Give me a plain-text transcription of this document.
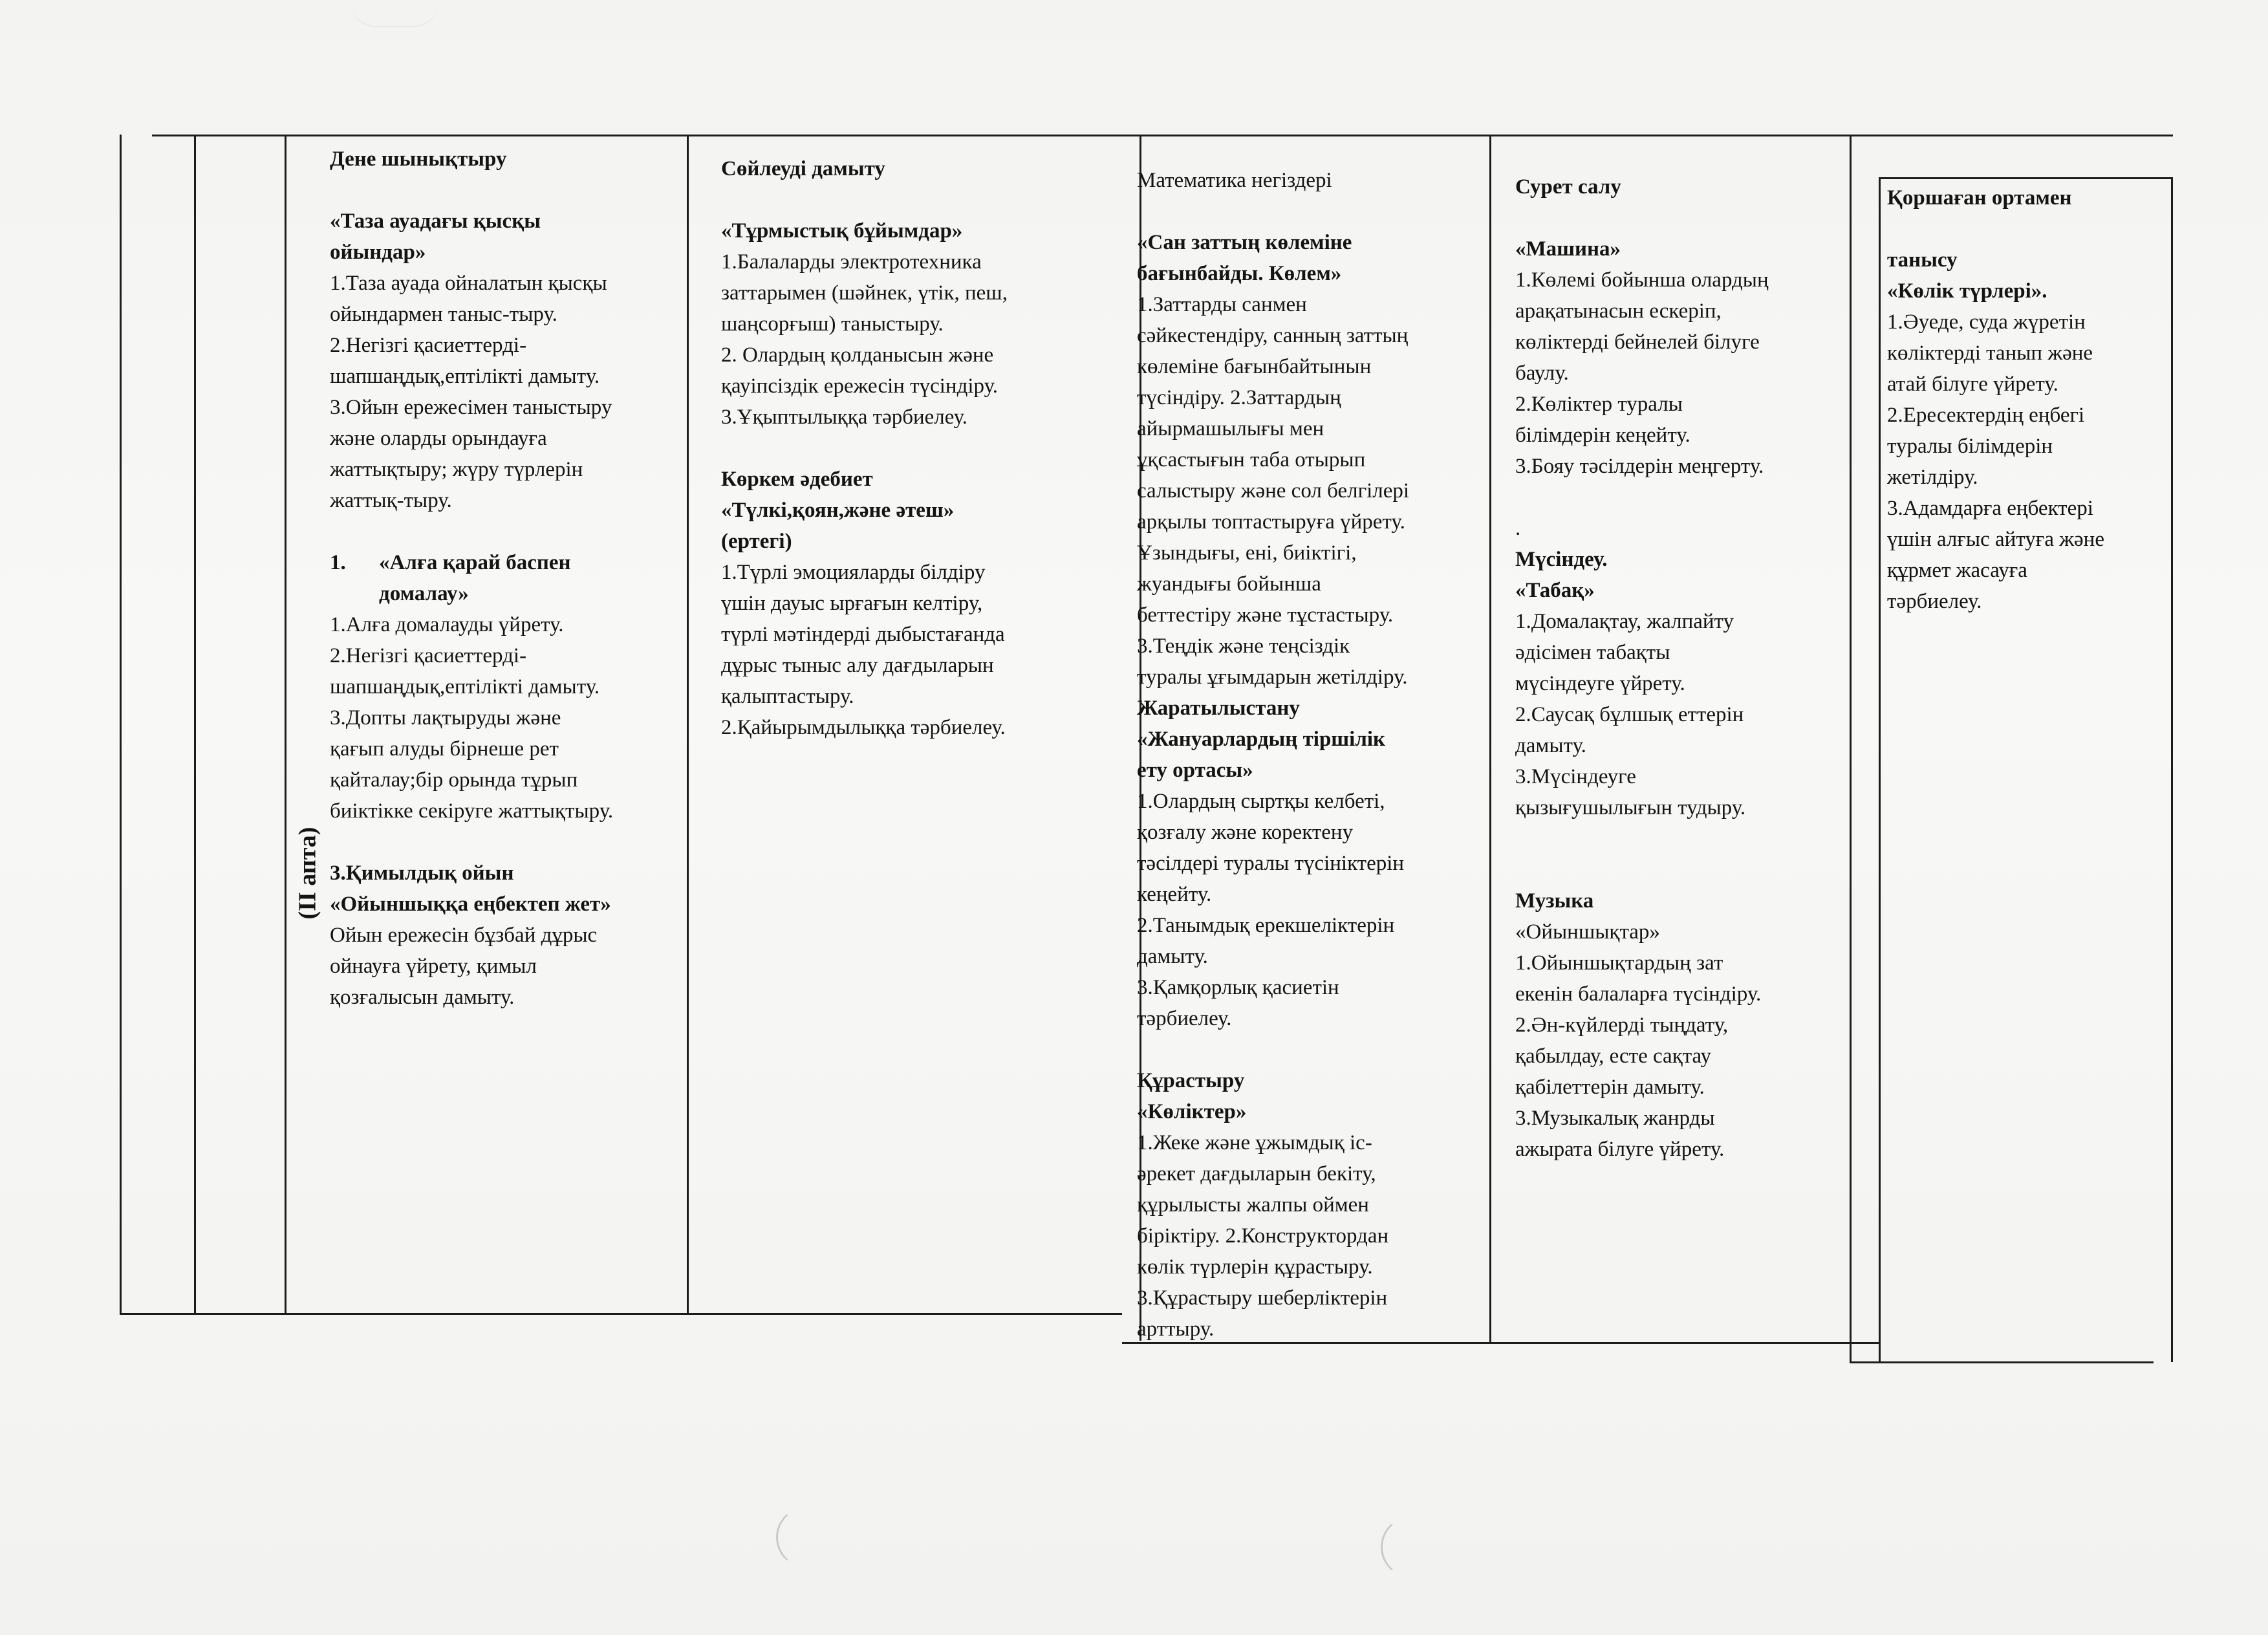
(II апта)

Дене шынықтыру

«Таза ауадағы қысқы

ойындар»

1.Таза ауада ойналатын қысқы

ойындармен таныс-тыру.

2.Негізгі қасиеттерді-

шапшаңдық,ептілікті дамыту.

3.Ойын ережесімен таныстыру

және оларды орындауға

жаттықтыру; жүру түрлерін

жаттық-тыру.

1. «Алға қарай баспен

домалау»

1.Алға домалауды үйрету.

2.Негізгі қасиеттерді-

шапшаңдық,ептілікті дамыту.

3.Допты лақтыруды және

қағып алуды бірнеше рет

қайталау;бір орында тұрып

биіктікке секіруге жаттықтыру.

3.Қимылдық ойын

«Ойыншыққа еңбектеп жет»

Ойын ережесін бұзбай дұрыс

ойнауға үйрету, қимыл

қозғалысын дамыту.

Сөйлеуді дамыту

«Тұрмыстық бұйымдар»

1.Балаларды электротехника

заттарымен (шәйнек, үтік, пеш,

шаңсорғыш) таныстыру.

2. Олардың қолданысын және

қауіпсіздік ережесін түсіндіру.

3.Ұқыптылыққа тәрбиелеу.

Көркем әдебиет

«Түлкі,қоян,және әтеш»

(ертегі)

1.Түрлі эмоцияларды білдіру

үшін дауыс ырғағын келтіру,

түрлі мәтіндерді дыбыстағанда

дұрыс тыныс алу дағдыларын

қалыптастыру.

2.Қайырымдылыққа тәрбиелеу.

Математика негіздері

«Сан заттың көлеміне

бағынбайды. Көлем»

1.Заттарды санмен

сәйкестендіру, санның заттың

көлеміне бағынбайтынын

түсіндіру. 2.Заттардың

айырмашылығы мен

ұқсастығын таба отырып

салыстыру және сол белгілері

арқылы топтастыруға үйрету.

Ұзындығы, ені, биіктігі,

жуандығы бойынша

беттестіру және тұстастыру.

3.Теңдік және теңсіздік

туралы ұғымдарын жетілдіру.

Жаратылыстану

«Жануарлардың тіршілік

ету ортасы»

1.Олардың сыртқы келбеті,

қозғалу және коректену

тәсілдері туралы түсініктерін

кеңейту.

2.Танымдық ерекшеліктерін

дамыту.

3.Қамқорлық қасиетін

тәрбиелеу.

Құрастыру

«Көліктер»

1.Жеке және ұжымдық іс-

әрекет дағдыларын бекіту,

құрылысты жалпы оймен

біріктіру. 2.Конструктордан

көлік түрлерін құрастыру.

3.Құрастыру шеберліктерін

арттыру.

Сурет салу

«Машина»

1.Көлемі бойынша олардың

арақатынасын ескеріп,

көліктерді бейнелей білуге

баулу.

2.Көліктер туралы

білімдерін кеңейту.

3.Бояу тәсілдерін меңгерту.

.

Мүсіндеу.

«Табақ»

1.Домалақтау, жалпайту

әдісімен табақты

мүсіндеуге үйрету.

2.Саусақ бұлшық еттерін

дамыту.

3.Мүсіндеуге

қызығушылығын тудыру.

Музыка

«Ойыншықтар»

1.Ойыншықтардың зат

екенін балаларға түсіндіру.

2.Ән-күйлерді тыңдату,

қабылдау, есте сақтау

қабілеттерін дамыту.

3.Музыкалық жанрды

ажырата білуге үйрету.

Қоршаған ортамен

танысу

«Көлік түрлері».

1.Әуеде, суда жүретін

көліктерді танып және

атай білуге үйрету.

2.Ересектердің еңбегі

туралы білімдерін

жетілдіру.

3.Адамдарға еңбектері

үшін алғыс айтуға және

құрмет жасауға

тәрбиелеу.
